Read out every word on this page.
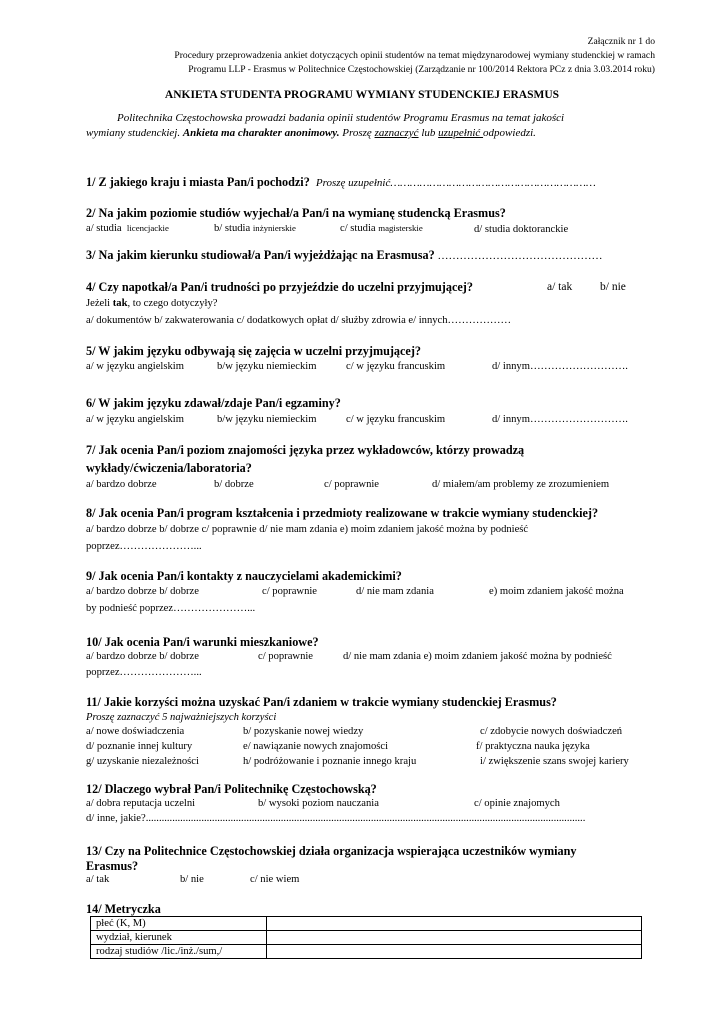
Załącznik nr 1 do
Procedury przeprowadzenia ankiet dotyczących opinii studentów na temat międzynarodowej wymiany studenckiej w ramach
Programu LLP - Erasmus w Politechnice Częstochowskiej (Zarządzanie nr 100/2014 Rektora PCz z dnia 3.03.2014 roku)
ANKIETA STUDENTA PROGRAMU WYMIANY STUDENCKIEJ ERASMUS
Politechnika Częstochowska prowadzi badania opinii studentów Programu Erasmus na temat jakości
wymiany studenckiej. Ankieta ma charakter anonimowy. Proszę zaznaczyć lub uzupełnić odpowiedzi.
1/ Z jakiego kraju i miasta Pan/i pochodzi? Proszę uzupełnić………………………………………………………
2/ Na jakim poziomie studiów wyjechał/a Pan/i na wymianę studencką Erasmus?
a/ studia licencjackie	b/ studia inżynierskie	c/ studia magisterskie	d/ studia doktoranckie
3/ Na jakim kierunku studiował/a Pan/i wyjeżdżając na Erasmusa? ………………………………………
4/ Czy napotkał/a Pan/i trudności po przyjeździe do uczelni przyjmującej?	a/ tak b/ nie
Jeżeli tak, to czego dotyczyły?
a/ dokumentów b/ zakwaterowania c/ dodatkowych opłat d/ służby zdrowia e/ innych………………
5/ W jakim języku odbywają się zajęcia w uczelni przyjmującej?
a/ w języku angielskim	b/w języku niemieckim	c/ w języku francuskim	d/ innym……………………….
6/ W jakim języku zdawał/zdaje Pan/i egzaminy?
a/ w języku angielskim	b/w języku niemieckim	c/ w języku francuskim	d/ innym……………………….
7/ Jak ocenia Pan/i poziom znajomości języka przez wykładowców, którzy prowadzą
wykłady/ćwiczenia/laboratoria?
a/ bardzo dobrze	b/ dobrze	c/ poprawnie	d/ miałem/am problemy ze zrozumieniem
8/ Jak ocenia Pan/i program kształcenia i przedmioty realizowane w trakcie wymiany studenckiej?
a/ bardzo dobrze b/ dobrze c/ poprawnie d/ nie mam zdania e) moim zdaniem jakość można by podnieść
poprzez…………………...
9/ Jak ocenia Pan/i kontakty z nauczycielami akademickimi?
a/ bardzo dobrze b/ dobrze	c/ poprawnie	d/ nie mam zdania	e) moim zdaniem jakość można
by podnieść poprzez…………………...
10/ Jak ocenia Pan/i warunki mieszkaniowe?
a/ bardzo dobrze b/ dobrze	c/ poprawnie	d/ nie mam zdania e) moim zdaniem jakość można by podnieść
poprzez…………………...
11/ Jakie korzyści można uzyskać Pan/i zdaniem w trakcie wymiany studenckiej Erasmus?
Proszę zaznaczyć 5 najważniejszych korzyści
a/ nowe doświadczenia	b/ pozyskanie nowej wiedzy	c/ zdobycie nowych doświadczeń
d/ poznanie innej kultury	e/ nawiązanie nowych znajomości	f/ praktyczna nauka języka
g/ uzyskanie niezależności	h/ podróżowanie i poznanie innego kraju	i/ zwiększenie szans swojej kariery
12/ Dlaczego wybrał Pan/i Politechnikę Częstochowską?
a/ dobra reputacja uczelni	b/ wysoki poziom nauczania	c/ opinie znajomych
d/ inne, jakie?......................................................................................................................................................................
13/ Czy na Politechnice Częstochowskiej działa organizacja wspierająca uczestników wymiany
Erasmus?
a/ tak	b/ nie	c/ nie wiem
14/ Metryczka
płeć (K, M)	
wydział, kierunek	
rodzaj studiów /lic./inż./sum,/	
